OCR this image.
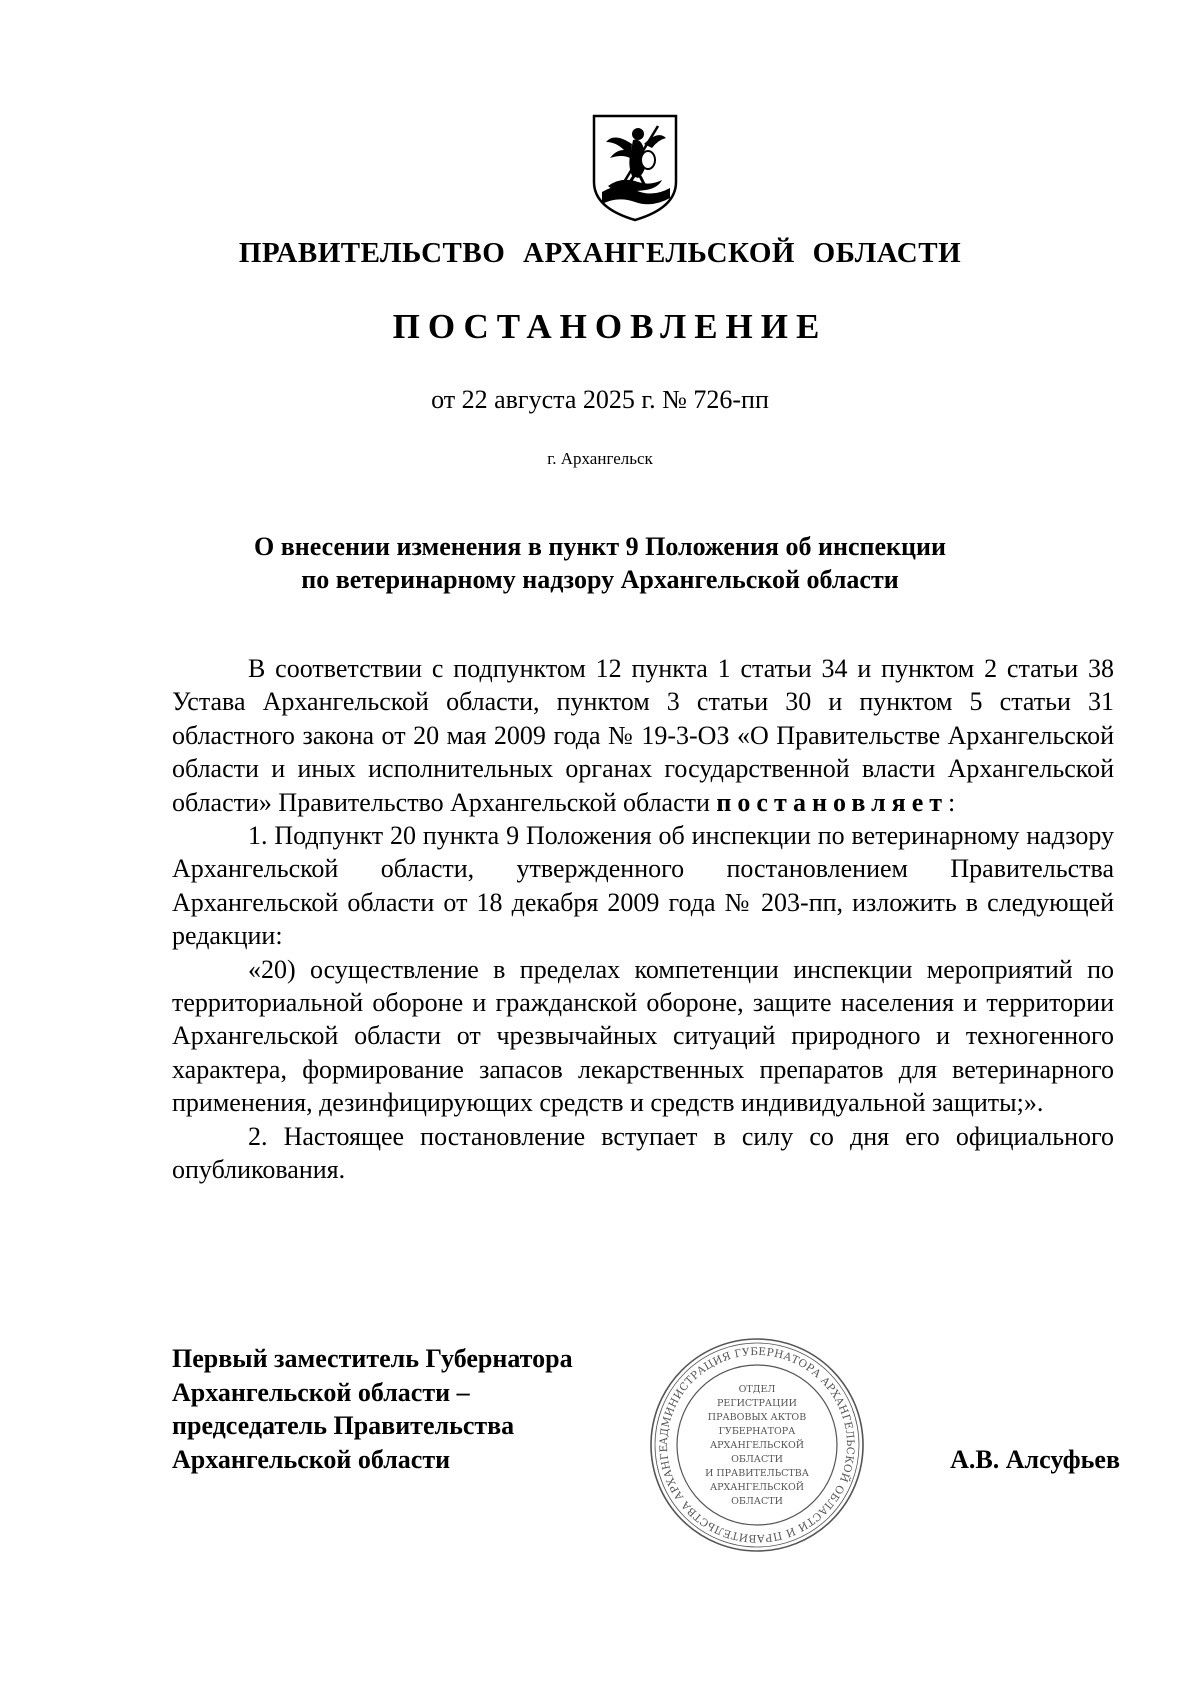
ПРАВИТЕЛЬСТВО АРХАНГЕЛЬСКОЙ ОБЛАСТИ
ПОСТАНОВЛЕНИЕ
от 22 августа 2025 г. № 726-пп
г. Архангельск
О внесении изменения в пункт 9 Положения об инспекции
по ветеринарному надзору Архангельской области

В соответствии с подпунктом 12 пункта 1 статьи 34 и пунктом 2 статьи 38 Устава Архангельской области, пунктом 3 статьи 30 и пунктом 5 статьи 31 областного закона от 20 мая 2009 года № 19-3-ОЗ «О Правительстве Архангельской области и иных исполнительных органах государственной власти Архангельской области» Правительство Архангельской области постановляет:

1. Подпункт 20 пункта 9 Положения об инспекции по ветеринарному надзору Архангельской области, утвержденного постановлением Правительства Архангельской области от 18 декабря 2009 года № 203-пп, изложить в следующей редакции:

«20) осуществление в пределах компетенции инспекции мероприятий по территориальной обороне и гражданской обороне, защите населения и территории Архангельской области от чрезвычайных ситуаций природного и техногенного характера, формирование запасов лекарственных препаратов для ветеринарного применения, дезинфицирующих средств и средств индивидуальной защиты;».

2. Настоящее постановление вступает в силу со дня его официального опубликования.

Первый заместитель Губернатора
Архангельской области –
председатель Правительства
Архангельской области	А.В. Алсуфьев
АДМИНИСТРАЦИЯ ГУБЕРНАТОРА АРХАНГЕЛЬСКОЙ ОБЛАСТИ И ПРАВИТЕЛЬСТВА АРХАНГЕ
ОТДЕЛ
РЕГИСТРАЦИИ
ПРАВОВЫХ АКТОВ
ГУБЕРНАТОРА
АРХАНГЕЛЬСКОЙ
ОБЛАСТИ
И ПРАВИТЕЛЬСТВА
АРХАНГЕЛЬСКОЙ
ОБЛАСТИ
